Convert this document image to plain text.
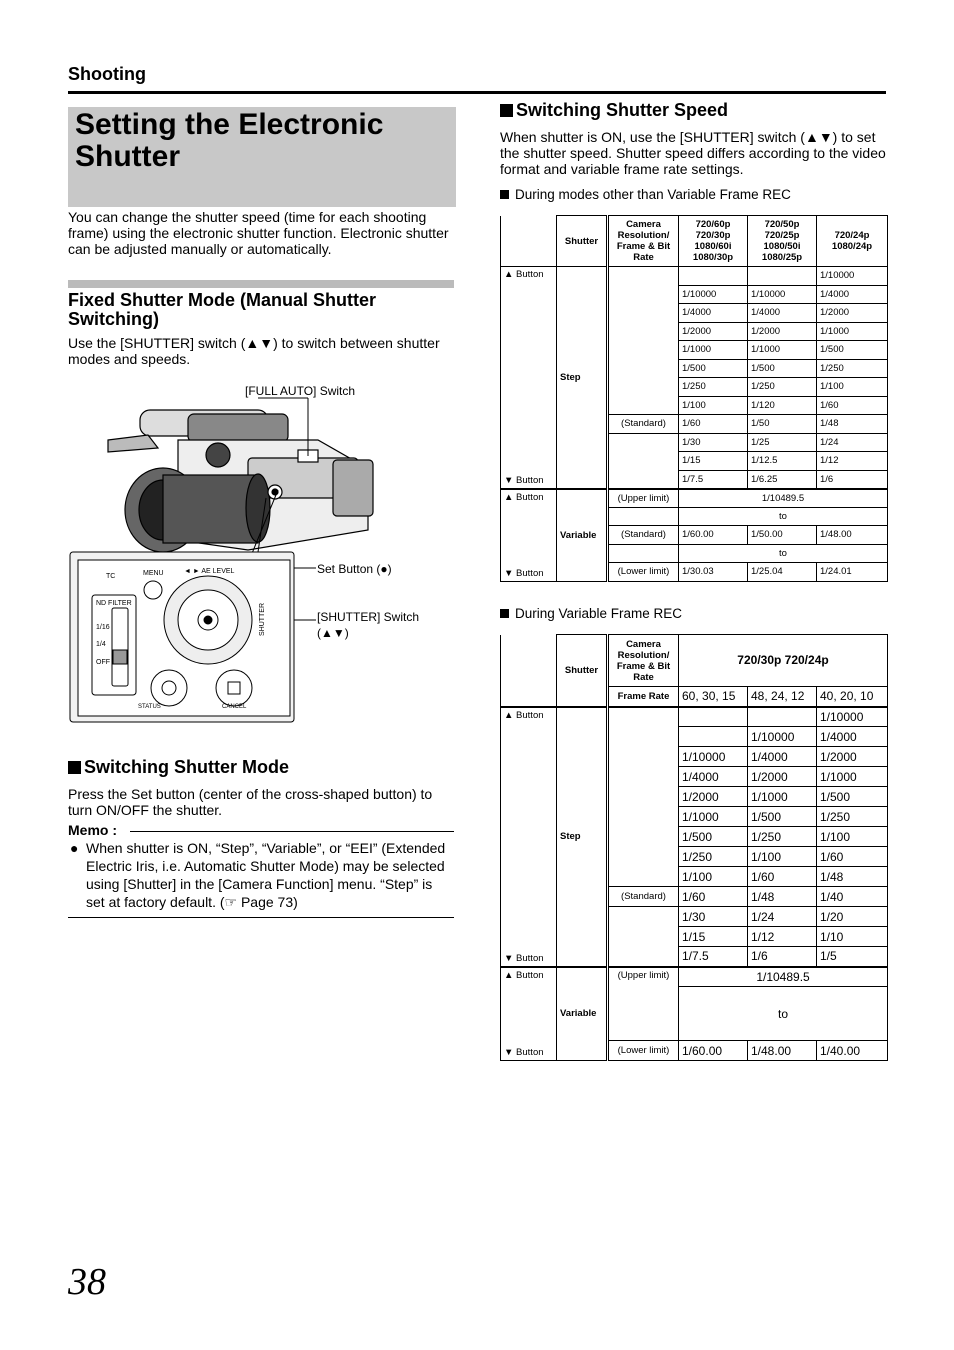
Shooting
Setting the Electronic Shutter
You can change the shutter speed (time for each shooting frame) using the electronic shutter function. Electronic shutter can be adjusted manually or automatically.
Fixed Shutter Mode (Manual Shutter Switching)
Use the [SHUTTER] switch (▲▼) to switch between shutter modes and speeds.
[FULL AUTO] Switch
Set Button (●)
[SHUTTER] Switch
(▲▼)
TC	MENU	◄ ► AE LEVEL
ND FILTER
1/16
1/4
OFF
STATUS	CANCEL
SHUTTER
Switching Shutter Mode
Press the Set button (center of the cross-shaped button) to turn ON/OFF the shutter.
Memo :
● When shutter is ON, “Step”, “Variable”, or “EEI” (Extended Electric Iris, i.e. Automatic Shutter Mode) may be selected using [Shutter] in the [Camera Function] menu. “Step” is set at factory default. (☞ Page 73)
Switching Shutter Speed
When shutter is ON, use the [SHUTTER] switch (▲▼) to set the shutter speed. Shutter speed differs according to the video format and variable frame rate settings.
During modes other than Variable Frame REC
	Shutter	Camera Resolution/ Frame & Bit Rate	720/60p 720/30p 1080/60i 1080/30p	720/50p 720/25p 1080/50i 1080/25p	720/24p 1080/24p
▲ Button	Step				1/10000
			1/10000	1/10000	1/4000
			1/4000	1/4000	1/2000
			1/2000	1/2000	1/1000
			1/1000	1/1000	1/500
			1/500	1/500	1/250
			1/250	1/250	1/100
			1/100	1/120	1/60
▼ Button		(Standard)	1/60	1/50	1/48
			1/30	1/25	1/24
			1/15	1/12.5	1/12
			1/7.5	1/6.25	1/6
▲ Button	Variable	(Upper limit)	1/10489.5		
			to		
		(Standard)	1/60.00	1/50.00	1/48.00
			to		
▼ Button		(Lower limit)	1/30.03	1/25.04	1/24.01
During Variable Frame REC
	Shutter	Camera Resolution/ Frame & Bit Rate	720/30p 720/24p		
		Frame Rate	60, 30, 15	48, 24, 12	40, 20, 10
▲ Button	Step				1/10000
				1/10000	1/4000
			1/10000	1/4000	1/2000
			1/4000	1/2000	1/1000
			1/2000	1/1000	1/500
			1/1000	1/500	1/250
			1/500	1/250	1/100
			1/250	1/100	1/60
			1/100	1/60	1/48
▼ Button		(Standard)	1/60	1/48	1/40
			1/30	1/24	1/20
			1/15	1/12	1/10
			1/7.5	1/6	1/5
▲ Button	Variable	(Upper limit)	1/10489.5		
			to		
▼ Button		(Lower limit)	1/60.00	1/48.00	1/40.00
38
